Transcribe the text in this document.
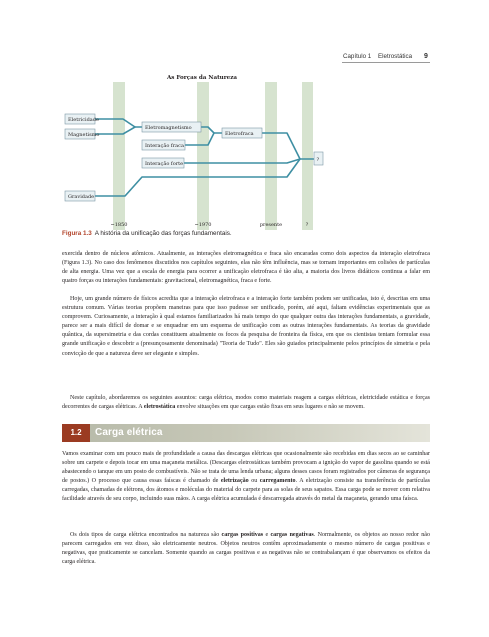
Capítulo 1 Eletrostática 9
As Forças da Natureza
Eletricidade
Magnetismo
Eletromagnetismo
Interação fraca
Interação forte
Eletrofraca
Gravidade
?
~1850	~1970	presente	?
Figura 1.3 A história da unificação das forças fundamentais.

exercida dentro de núcleos atômicos. Atualmente, as interações eletromagnética e fraca são encaradas como dois aspectos da interação eletrofraca (Figura 1.3). No caso dos fenômenos discutidos nos capítulos seguintes, elas não têm influência, mas se tornam importantes em colisões de partículas de alta energia. Uma vez que a escala de energia para ocorrer a unificação eletrofraca é tão alta, a maioria dos livros didáticos continua a falar em quatro forças ou interações fundamentais: gravitacional, eletromagnética, fraca e forte.

Hoje, um grande número de físicos acredita que a interação eletrofraca e a interação forte também podem ser unificadas, isto é, descritas em uma estrutura comum. Várias teorias propõem maneiras para que isso pudesse ser unificado, porém, até aqui, faltam evidências experimentais que as comprovem. Curiosamente, a interação à qual estamos familiarizados há mais tempo do que qualquer outra das interações fundamentais, a gravidade, parece ser a mais difícil de domar e se enquadrar em um esquema de unificação com as outras interações fundamentais. As teorias da gravidade quântica, da supersimetria e das cordas constituem atualmente os focos da pesquisa de fronteira da física, em que os cientistas tentam formular essa grande unificação e descobrir a (presunçosamente denominada) "Teoria de Tudo". Eles são guiados principalmente pelos princípios de simetria e pela convicção de que a natureza deve ser elegante e simples.

Neste capítulo, abordaremos os seguintes assuntos: carga elétrica, modos como materiais reagem a cargas elétricas, eletricidade estática e forças decorrentes de cargas elétricas. A eletrostática envolve situações em que cargas estão fixas em seus lugares e não se movem.

1.2	Carga elétrica

Vamos examinar com um pouco mais de profundidade a causa das descargas elétricas que ocasionalmente são recebidas em dias secos ao se caminhar sobre um carpete e depois tocar em uma maçaneta metálica. (Descargas eletrostáticas também provocam a ignição do vapor de gasolina quando se está abastecendo o tanque em um posto de combustíveis. Não se trata de uma lenda urbana; alguns desses casos foram registrados por câmeras de segurança de postos.) O processo que causa essas faíscas é chamado de eletrização ou carregamento. A eletrização consiste na transferência de partículas carregadas, chamadas de elétrons, dos átomos e moléculas do material do carpete para as solas de seus sapatos. Essa carga pode se mover com relativa facilidade através de seu corpo, incluindo suas mãos. A carga elétrica acumulada é descarregada através do metal da maçaneta, gerando uma faísca.

Os dois tipos de carga elétrica encontrados na natureza são cargas positivas e cargas negativas. Normalmente, os objetos ao nosso redor não parecem carregados em vez disso, são eletricamente neutros. Objetos neutros contêm aproximadamente o mesmo número de cargas positivas e negativas, que praticamente se cancelam. Somente quando as cargas positivas e as negativas não se contrabalançam é que observamos os efeitos da carga elétrica.
